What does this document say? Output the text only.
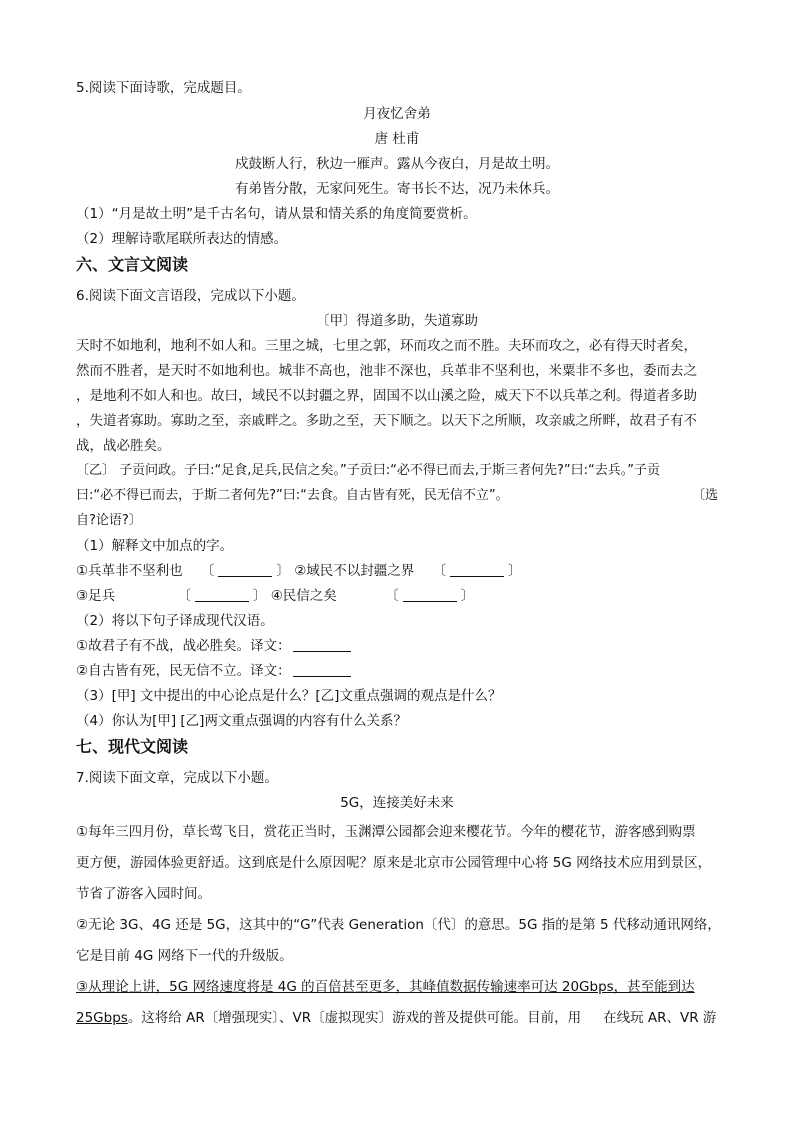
5.阅读下面诗歌，完成题目。
月夜忆舍弟
唐 杜甫
戍鼓断人行，秋边一雁声。露从今夜白，月是故土明。
有弟皆分散，无家问死生。寄书长不达，况乃未休兵。
（1）“月是故土明”是千古名句，请从景和情关系的角度简要赏析。
（2）理解诗歌尾联所表达的情感。
六、文言文阅读
6.阅读下面文言语段，完成以下小题。
〔甲〕得道多助，失道寡助
天时不如地利，地利不如人和。三里之城，七里之郭，环而攻之而不胜。夫环而攻之，必有得天时者矣，
然而不胜者，是天时不如地利也。城非不高也，池非不深也，兵革非不坚利也，米粟非不多也，委而去之
，是地利不如人和也。故曰，域民不以封疆之界，固国不以山溪之险，威天下不以兵革之利。得道者多助
，失道者寡助。寡助之至，亲戚畔之。多助之至，天下顺之。以天下之所顺，攻亲戚之所畔，故君子有不
战，战必胜矣。
〔乙〕 子贡问政。子曰:“足食,足兵,民信之矣。”子贡曰:“必不得已而去,于斯三者何先?”曰:“去兵。”子贡
曰:“必不得已而去，于斯二者何先?”曰:“去食。自古皆有死，民无信不立”。	〔选
自?论语?〕
（1）解释文中加点的字。
①兵革非不坚利也 〔	〕 ②域民不以封疆之界 〔	〕
③足兵	〔	〕 ④民信之矣	〔	〕
（2）将以下句子译成现代汉语。
①故君子有不战，战必胜矣。译文：
②自古皆有死，民无信不立。译文：
（3）[甲] 文中提出的中心论点是什么？[乙]文重点强调的观点是什么？
（4）你认为[甲] [乙]两文重点强调的内容有什么关系？
七、现代文阅读
7.阅读下面文章，完成以下小题。
5G，连接美好未来
①每年三四月份，草长莺飞日，赏花正当时，玉渊潭公园都会迎来樱花节。今年的樱花节，游客感到购票
更方便，游园体验更舒适。这到底是什么原因呢？原来是北京市公园管理中心将 5G 网络技术应用到景区，
节省了游客入园时间。
②无论 3G、4G 还是 5G，这其中的“G”代表 Generation〔代〕的意思。5G 指的是第 5 代移动通讯网络，
它是目前 4G 网络下一代的升级版。
③从理论上讲，5G 网络速度将是 4G 的百倍甚至更多，其峰值数据传输速率可达 20Gbps，甚至能到达
25Gbps。这将给 AR〔增强现实〕、VR〔虚拟现实〕游戏的普及提供可能。目前，用 在线玩 AR、VR 游
